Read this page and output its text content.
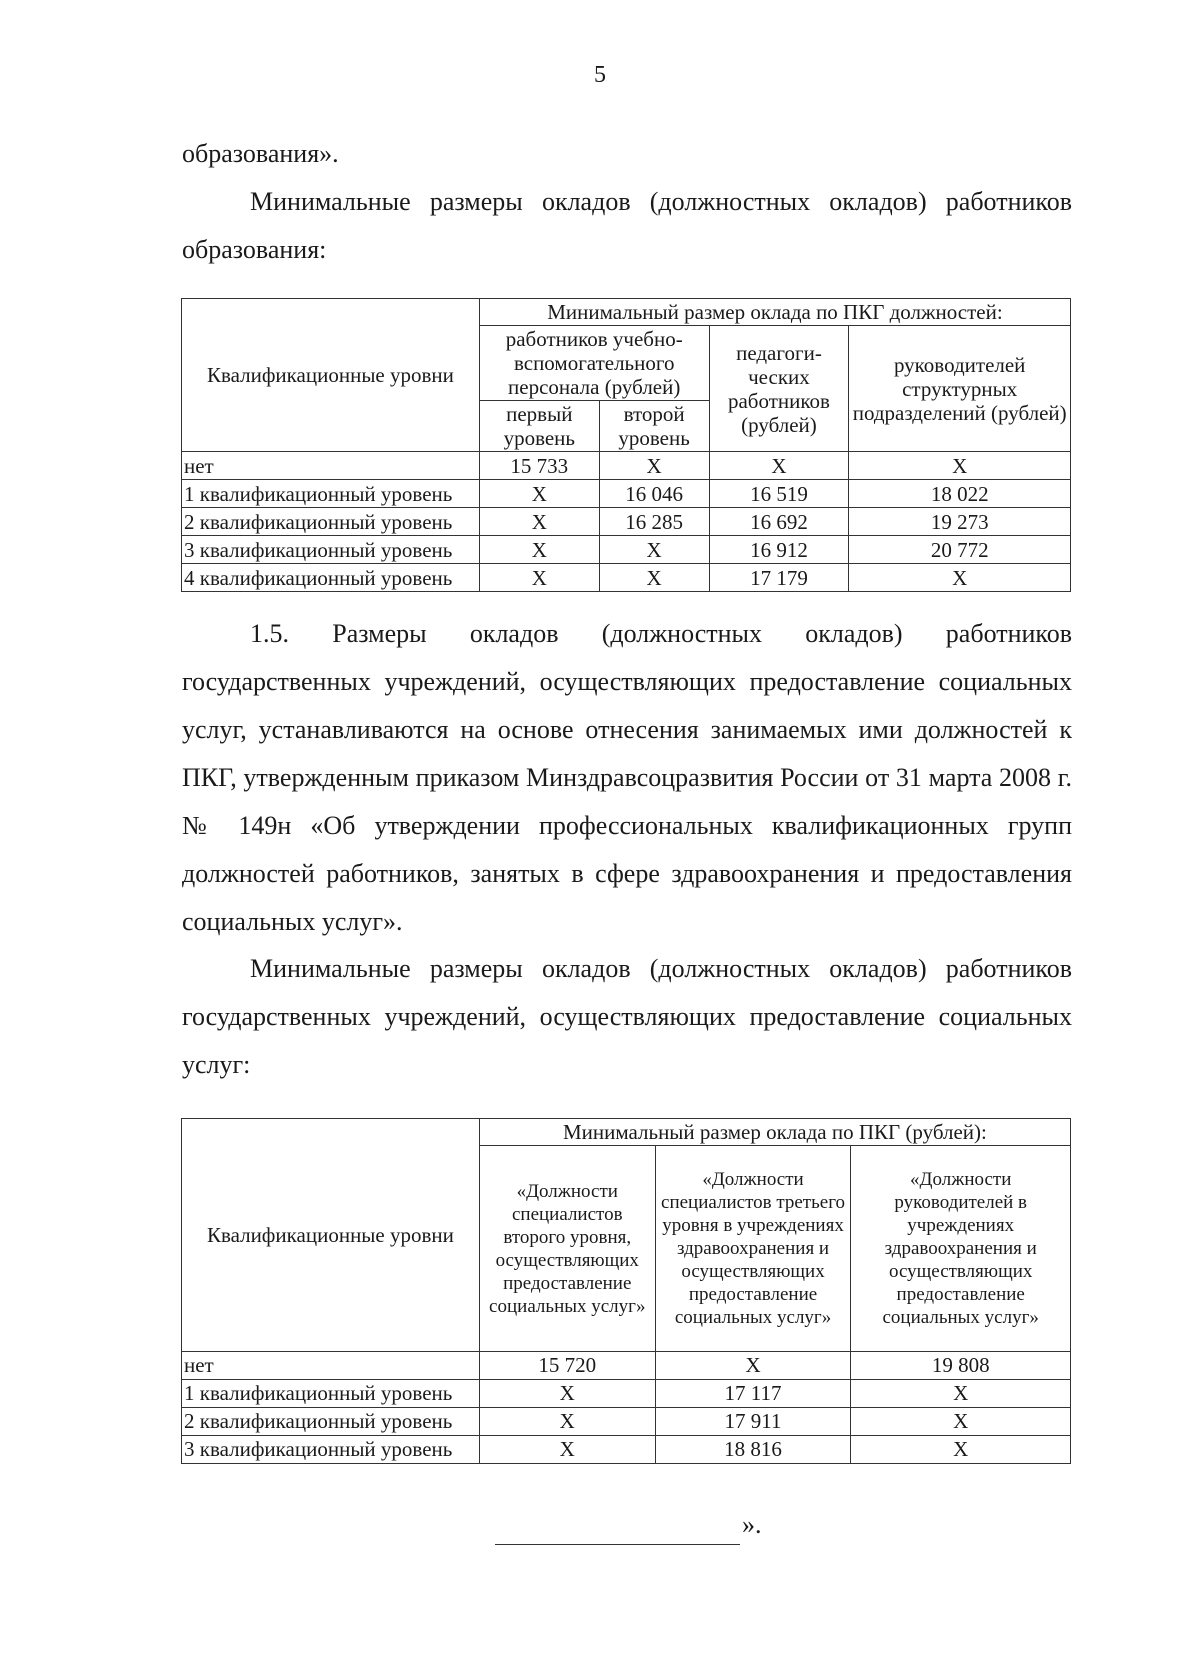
5

образования».

Минимальные размеры окладов (должностных окладов) работников образования:

Квалификационные уровни	Минимальный размер оклада по ПКГ должностей:			
	работников учебно-вспомогательного персонала (рублей)		педагоги-ческих работников (рублей)	руководителей структурных подразделений (рублей)
	первый уровень	второй уровень		
нет	15 733	X	X	X
1 квалификационный уровень	X	16 046	16 519	18 022
2 квалификационный уровень	X	16 285	16 692	19 273
3 квалификационный уровень	X	X	16 912	20 772
4 квалификационный уровень	X	X	17 179	X

1.5. Размеры окладов (должностных окладов) работников государственных учреждений, осуществляющих предоставление социальных услуг, устанавливаются на основе отнесения занимаемых ими должностей к ПКГ, утвержденным приказом Минздравсоцразвития России от 31 марта 2008 г. № 149н «Об утверждении профессиональных квалификационных групп должностей работников, занятых в сфере здравоохранения и предоставления социальных услуг».

Минимальные размеры окладов (должностных окладов) работников государственных учреждений, осуществляющих предоставление социальных услуг:

Квалификационные уровни	Минимальный размер оклада по ПКГ (рублей):		
	«Должности специалистов второго уровня, осуществляющих предоставление социальных услуг»	«Должности специалистов третьего уровня в учреждениях здравоохранения и осуществляющих предоставление социальных услуг»	«Должности руководителей в учреждениях здравоохранения и осуществляющих предоставление социальных услуг»
нет	15 720	X	19 808
1 квалификационный уровень	X	17 117	X
2 квалификационный уровень	X	17 911	X
3 квалификационный уровень	X	18 816	X
».
